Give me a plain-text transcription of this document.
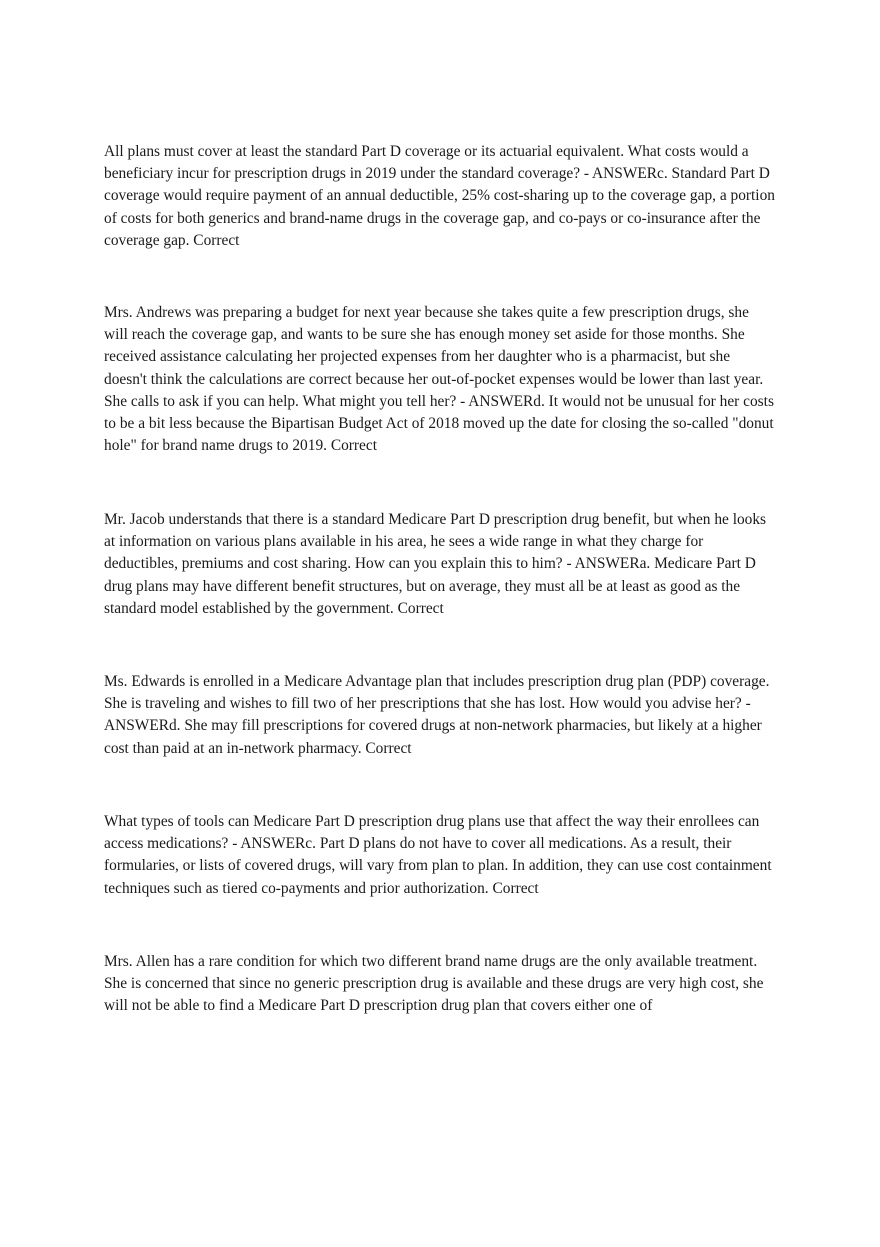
All plans must cover at least the standard Part D coverage or its actuarial equivalent. What costs would a beneficiary incur for prescription drugs in 2019 under the standard coverage? - ANSWERc. Standard Part D coverage would require payment of an annual deductible, 25% cost-sharing up to the coverage gap, a portion of costs for both generics and brand-name drugs in the coverage gap, and co-pays or co-insurance after the coverage gap. Correct

Mrs. Andrews was preparing a budget for next year because she takes quite a few prescription drugs, she will reach the coverage gap, and wants to be sure she has enough money set aside for those months. She received assistance calculating her projected expenses from her daughter who is a pharmacist, but she doesn't think the calculations are correct because her out-of-pocket expenses would be lower than last year. She calls to ask if you can help. What might you tell her? - ANSWERd. It would not be unusual for her costs to be a bit less because the Bipartisan Budget Act of 2018 moved up the date for closing the so-called "donut hole" for brand name drugs to 2019. Correct

Mr. Jacob understands that there is a standard Medicare Part D prescription drug benefit, but when he looks at information on various plans available in his area, he sees a wide range in what they charge for deductibles, premiums and cost sharing. How can you explain this to him? - ANSWERa. Medicare Part D drug plans may have different benefit structures, but on average, they must all be at least as good as the standard model established by the government. Correct

Ms. Edwards is enrolled in a Medicare Advantage plan that includes prescription drug plan (PDP) coverage. She is traveling and wishes to fill two of her prescriptions that she has lost. How would you advise her? - ANSWERd. She may fill prescriptions for covered drugs at non-network pharmacies, but likely at a higher cost than paid at an in-network pharmacy. Correct

What types of tools can Medicare Part D prescription drug plans use that affect the way their enrollees can access medications? - ANSWERc. Part D plans do not have to cover all medications. As a result, their formularies, or lists of covered drugs, will vary from plan to plan. In addition, they can use cost containment techniques such as tiered co-payments and prior authorization. Correct

Mrs. Allen has a rare condition for which two different brand name drugs are the only available treatment. She is concerned that since no generic prescription drug is available and these drugs are very high cost, she will not be able to find a Medicare Part D prescription drug plan that covers either one of
